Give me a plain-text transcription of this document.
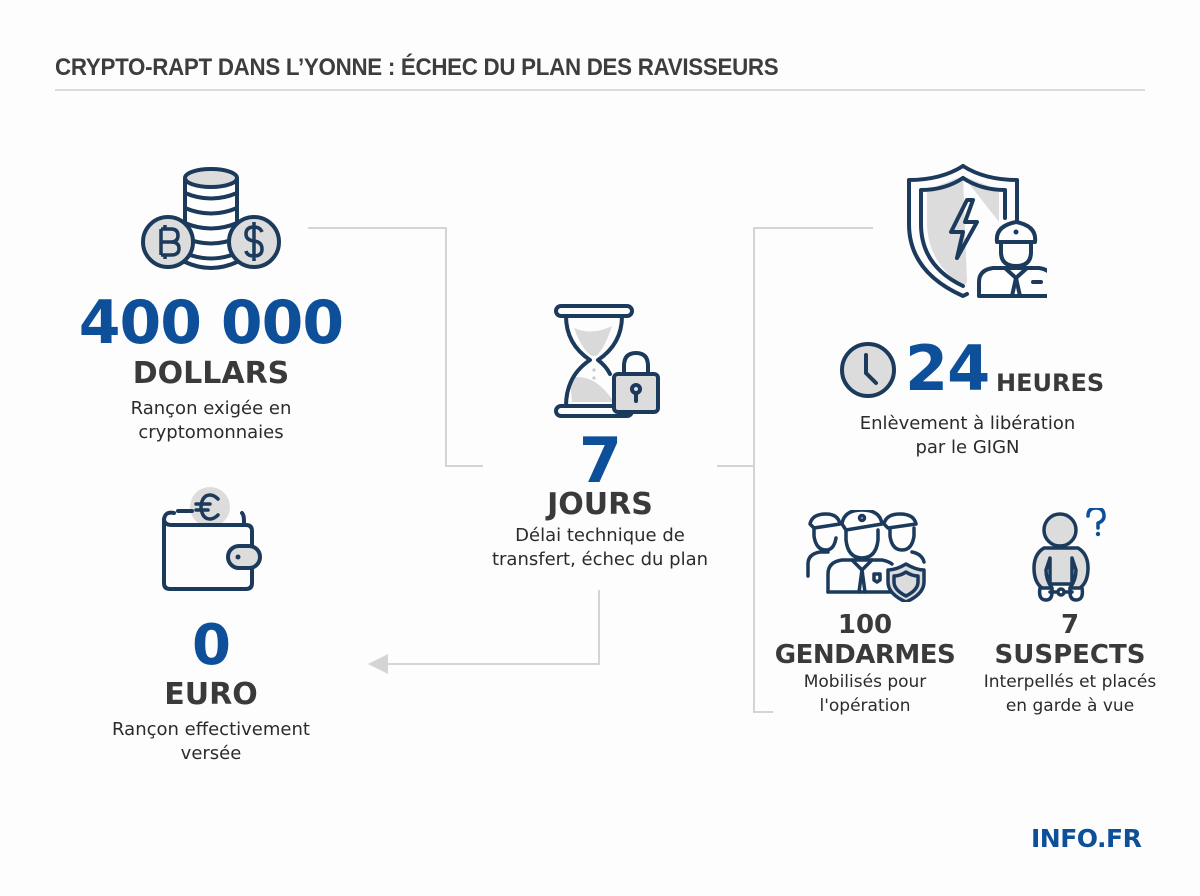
CRYPTO-RAPT DANS L’YONNE : ÉCHEC DU PLAN DES RAVISSEURS
400 000
DOLLARS
Rançon exigée en
cryptomonnaies	7
JOURS
Délai technique de
transfert, échec du plan
0
EURO
Rançon effectivement
versée
24 HEURES
Enlèvement à libération
par le GIGN
100
GENDARMES
Mobilisés pour
l'opération
7
SUSPECTS
Interpellés et placés
en garde à vue
INFO.FR
